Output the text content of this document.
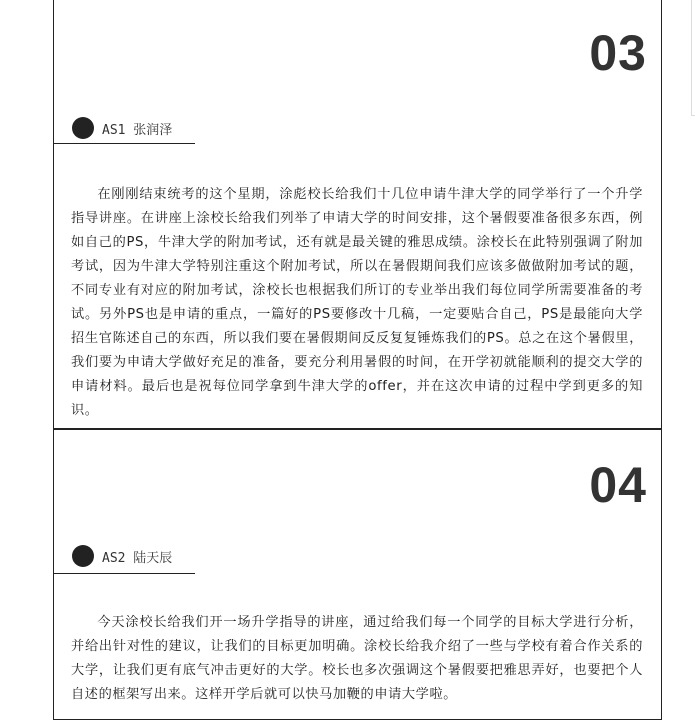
03
AS1 张润泽

在刚刚结束统考的这个星期，涂彪校长给我们十几位申请牛津大学的同学举行了一个升学指导讲座。在讲座上涂校长给我们列举了申请大学的时间安排，这个暑假要准备很多东西，例如自己的PS，牛津大学的附加考试，还有就是最关键的雅思成绩。涂校长在此特别强调了附加考试，因为牛津大学特别注重这个附加考试，所以在暑假期间我们应该多做做附加考试的题，不同专业有对应的附加考试，涂校长也根据我们所订的专业举出我们每位同学所需要准备的考试。另外PS也是申请的重点，一篇好的PS要修改十几稿，一定要贴合自己，PS是最能向大学招生官陈述自己的东西，所以我们要在暑假期间反反复复锤炼我们的PS。总之在这个暑假里，我们要为申请大学做好充足的准备，要充分利用暑假的时间，在开学初就能顺利的提交大学的申请材料。最后也是祝每位同学拿到牛津大学的offer，并在这次申请的过程中学到更多的知识。

04
AS2 陆天辰

今天涂校长给我们开一场升学指导的讲座，通过给我们每一个同学的目标大学进行分析，并给出针对性的建议，让我们的目标更加明确。涂校长给我介绍了一些与学校有着合作关系的大学，让我们更有底气冲击更好的大学。校长也多次强调这个暑假要把雅思弄好，也要把个人自述的框架写出来。这样开学后就可以快马加鞭的申请大学啦。
